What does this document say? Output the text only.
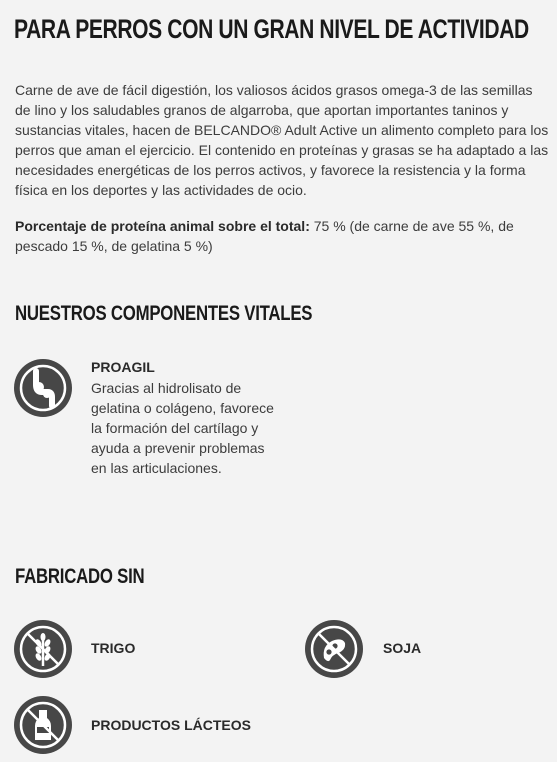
PARA PERROS CON UN GRAN NIVEL DE ACTIVIDAD

Carne de ave de fácil digestión, los valiosos ácidos grasos omega-3 de las semillas de lino y los saludables granos de algarroba, que aportan importantes taninos y sustancias vitales, hacen de BELCANDO® Adult Active un alimento completo para los perros que aman el ejercicio. El contenido en proteínas y grasas se ha adaptado a las necesidades energéticas de los perros activos, y favorece la resistencia y la forma física en los deportes y las actividades de ocio.

Porcentaje de proteína animal sobre el total: 75 % (de carne de ave 55 %, de pescado 15 %, de gelatina 5 %)

NUESTROS COMPONENTES VITALES

PROAGIL

Gracias al hidrolisato de gelatina o colágeno, favorece la formación del cartílago y ayuda a prevenir problemas en las articulaciones.

FABRICADO SIN

TRIGO	SOJA

PRODUCTOS LÁCTEOS
